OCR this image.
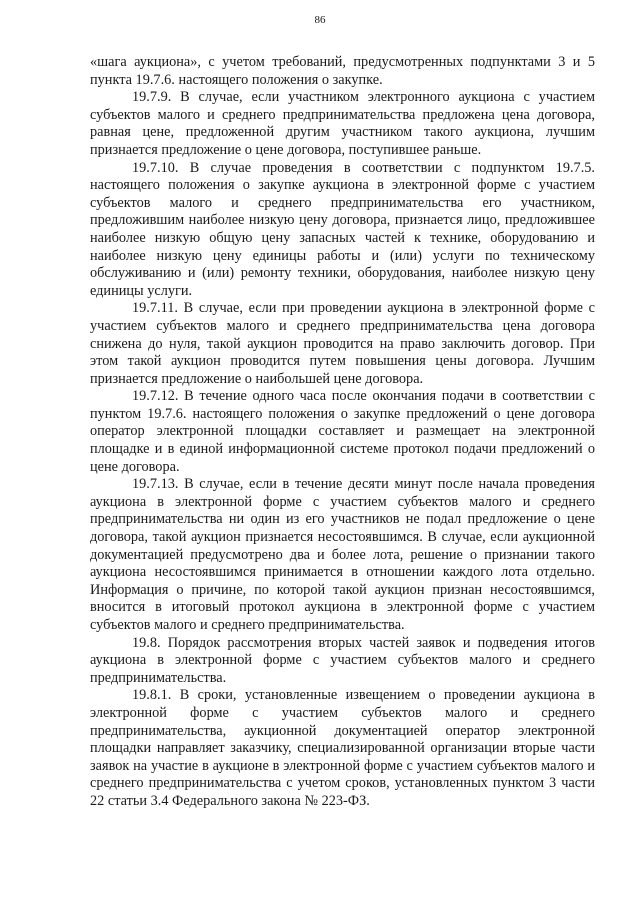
86

«шага аукциона», с учетом требований, предусмотренных подпунктами 3 и 5 пункта 19.7.6. настоящего положения о закупке.

19.7.9. В случае, если участником электронного аукциона с участием субъектов малого и среднего предпринимательства предложена цена договора, равная цене, предложенной другим участником такого аукциона, лучшим признается предложение о цене договора, поступившее раньше.

19.7.10. В случае проведения в соответствии с подпунктом 19.7.5. настоящего положения о закупке аукциона в электронной форме с участием субъектов малого и среднего предпринимательства его участником, предложившим наиболее низкую цену договора, признается лицо, предложившее наиболее низкую общую цену запасных частей к технике, оборудованию и наиболее низкую цену единицы работы и (или) услуги по техническому обслуживанию и (или) ремонту техники, оборудования, наиболее низкую цену единицы услуги.

19.7.11. В случае, если при проведении аукциона в электронной форме с участием субъектов малого и среднего предпринимательства цена договора снижена до нуля, такой аукцион проводится на право заключить договор. При этом такой аукцион проводится путем повышения цены договора. Лучшим признается предложение о наибольшей цене договора.

19.7.12. В течение одного часа после окончания подачи в соответствии с пунктом 19.7.6. настоящего положения о закупке предложений о цене договора оператор электронной площадки составляет и размещает на электронной площадке и в единой информационной системе протокол подачи предложений о цене договора.

19.7.13. В случае, если в течение десяти минут после начала проведения аукциона в электронной форме с участием субъектов малого и среднего предпринимательства ни один из его участников не подал предложение о цене договора, такой аукцион признается несостоявшимся. В случае, если аукционной документацией предусмотрено два и более лота, решение о признании такого аукциона несостоявшимся принимается в отношении каждого лота отдельно. Информация о причине, по которой такой аукцион признан несостоявшимся, вносится в итоговый протокол аукциона в электронной форме с участием субъектов малого и среднего предпринимательства.

19.8. Порядок рассмотрения вторых частей заявок и подведения итогов аукциона в электронной форме с участием субъектов малого и среднего предпринимательства.

19.8.1. В сроки, установленные извещением о проведении аукциона в электронной форме с участием субъектов малого и среднего предпринимательства, аукционной документацией оператор электронной площадки направляет заказчику, специализированной организации вторые части заявок на участие в аукционе в электронной форме с участием субъектов малого и среднего предпринимательства с учетом сроков, установленных пунктом 3 части 22 статьи 3.4 Федерального закона № 223-ФЗ.
